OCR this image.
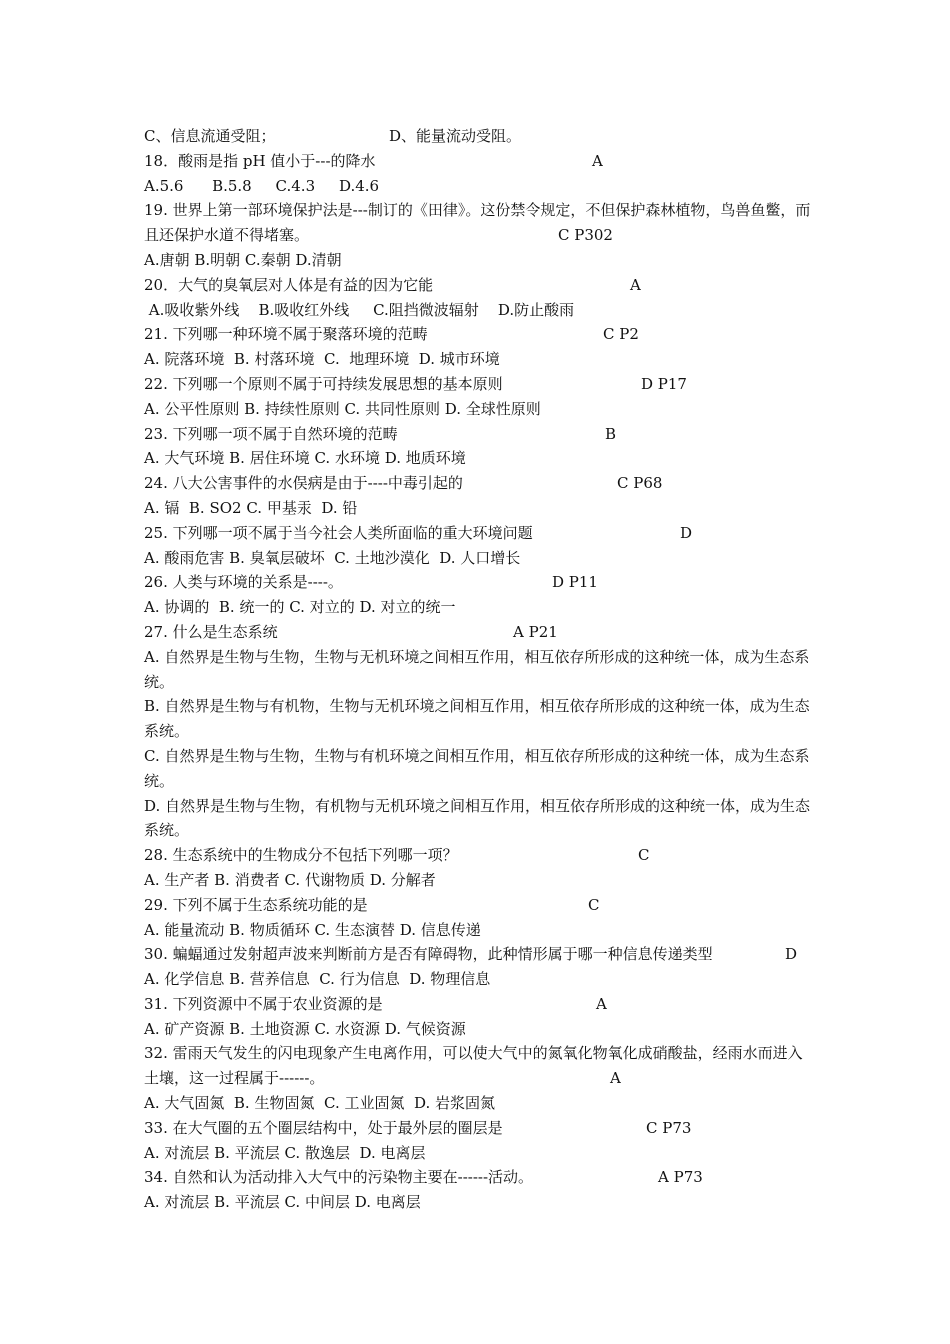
C、信息流通受阻；	D、能量流动受阻。
18．酸雨是指 pH 值小于---的降水	A
A.5.6      B.5.8     C.4.3     D.4.6
19. 世界上第一部环境保护法是---制订的《田律》。这份禁令规定，不但保护森林植物，鸟兽鱼鳖，而且还保护水道不得堵塞。	C P302
A.唐朝 B.明朝 C.秦朝 D.清朝
20．大气的臭氧层对人体是有益的因为它能	A
A.吸收紫外线    B.吸收红外线     C.阻挡微波辐射    D.防止酸雨
21. 下列哪一种环境不属于聚落环境的范畴	C P2
A. 院落环境  B. 村落环境  C.  地理环境  D. 城市环境
22. 下列哪一个原则不属于可持续发展思想的基本原则	D P17
A. 公平性原则 B. 持续性原则 C. 共同性原则 D. 全球性原则
23. 下列哪一项不属于自然环境的范畴	B
A. 大气环境 B. 居住环境 C. 水环境 D. 地质环境
24. 八大公害事件的水俣病是由于----中毒引起的	C P68
A. 镉  B. SO2 C. 甲基汞  D. 铅
25. 下列哪一项不属于当今社会人类所面临的重大环境问题	D
A. 酸雨危害 B. 臭氧层破坏  C. 土地沙漠化  D. 人口增长
26. 人类与环境的关系是----。	D P11
A. 协调的  B. 统一的 C. 对立的 D. 对立的统一
27. 什么是生态系统	A P21
A. 自然界是生物与生物，生物与无机环境之间相互作用，相互依存所形成的这种统一体，成为生态系统。
B. 自然界是生物与有机物，生物与无机环境之间相互作用，相互依存所形成的这种统一体，成为生态系统。
C. 自然界是生物与生物，生物与有机环境之间相互作用，相互依存所形成的这种统一体，成为生态系统。
D. 自然界是生物与生物，有机物与无机环境之间相互作用，相互依存所形成的这种统一体，成为生态系统。
28. 生态系统中的生物成分不包括下列哪一项？	C
A. 生产者 B. 消费者 C. 代谢物质 D. 分解者
29. 下列不属于生态系统功能的是	C
A. 能量流动 B. 物质循环 C. 生态演替 D. 信息传递
30. 蝙蝠通过发射超声波来判断前方是否有障碍物，此种情形属于哪一种信息传递类型	D
A. 化学信息 B. 营养信息  C. 行为信息  D. 物理信息
31. 下列资源中不属于农业资源的是	A
A. 矿产资源 B. 土地资源 C. 水资源 D. 气候资源
32. 雷雨天气发生的闪电现象产生电离作用，可以使大气中的氮氧化物氧化成硝酸盐，经雨水而进入土壤，这一过程属于------。	A
A. 大气固氮  B. 生物固氮  C. 工业固氮  D. 岩浆固氮
33. 在大气圈的五个圈层结构中，处于最外层的圈层是	C P73
A. 对流层 B. 平流层 C. 散逸层  D. 电离层
34. 自然和认为活动排入大气中的污染物主要在------活动。	A P73
A. 对流层 B. 平流层 C. 中间层 D. 电离层
